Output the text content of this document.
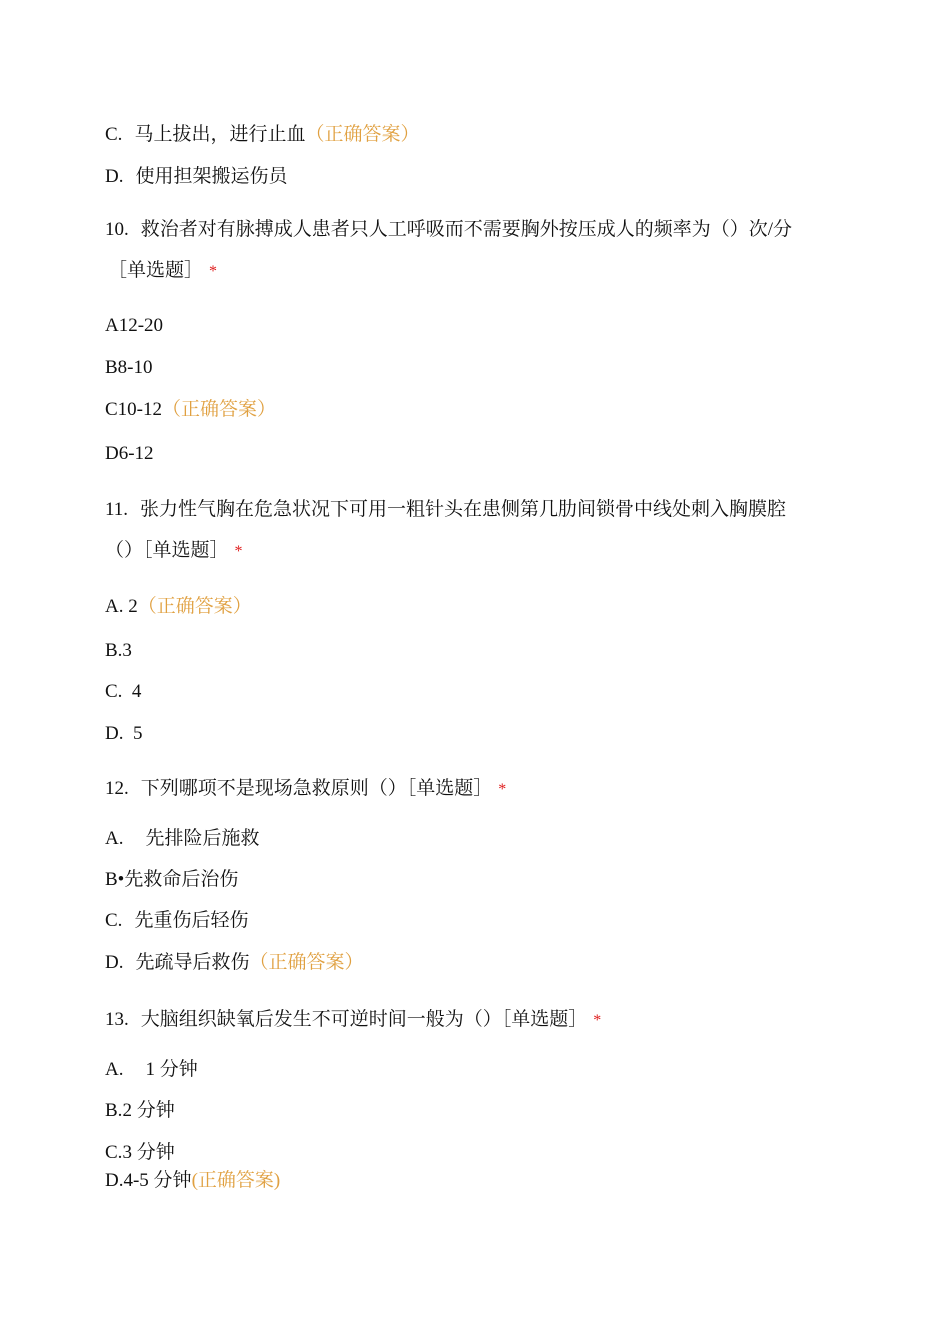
C. 马上拔出，进行止血（正确答案）
D. 使用担架搬运伤员
10. 救治者对有脉搏成人患者只人工呼吸而不需要胸外按压成人的频率为（）次/分
［单选题］ *
A12-20
B8-10
C10-12（正确答案）
D6-12
11. 张力性气胸在危急状况下可用一粗针头在患侧第几肋间锁骨中线处刺入胸膜腔
（）［单选题］ *
A. 2（正确答案）
B.3
C.  4
D.  5
12. 下列哪项不是现场急救原则（）［单选题］ *
A. 先排险后施救
B•先救命后治伤
C. 先重伤后轻伤
D. 先疏导后救伤（正确答案）
13. 大脑组织缺氧后发生不可逆时间一般为（）［单选题］ *
A. 1 分钟
B.2 分钟
C.3 分钟
D.4-5 分钟(正确答案)
